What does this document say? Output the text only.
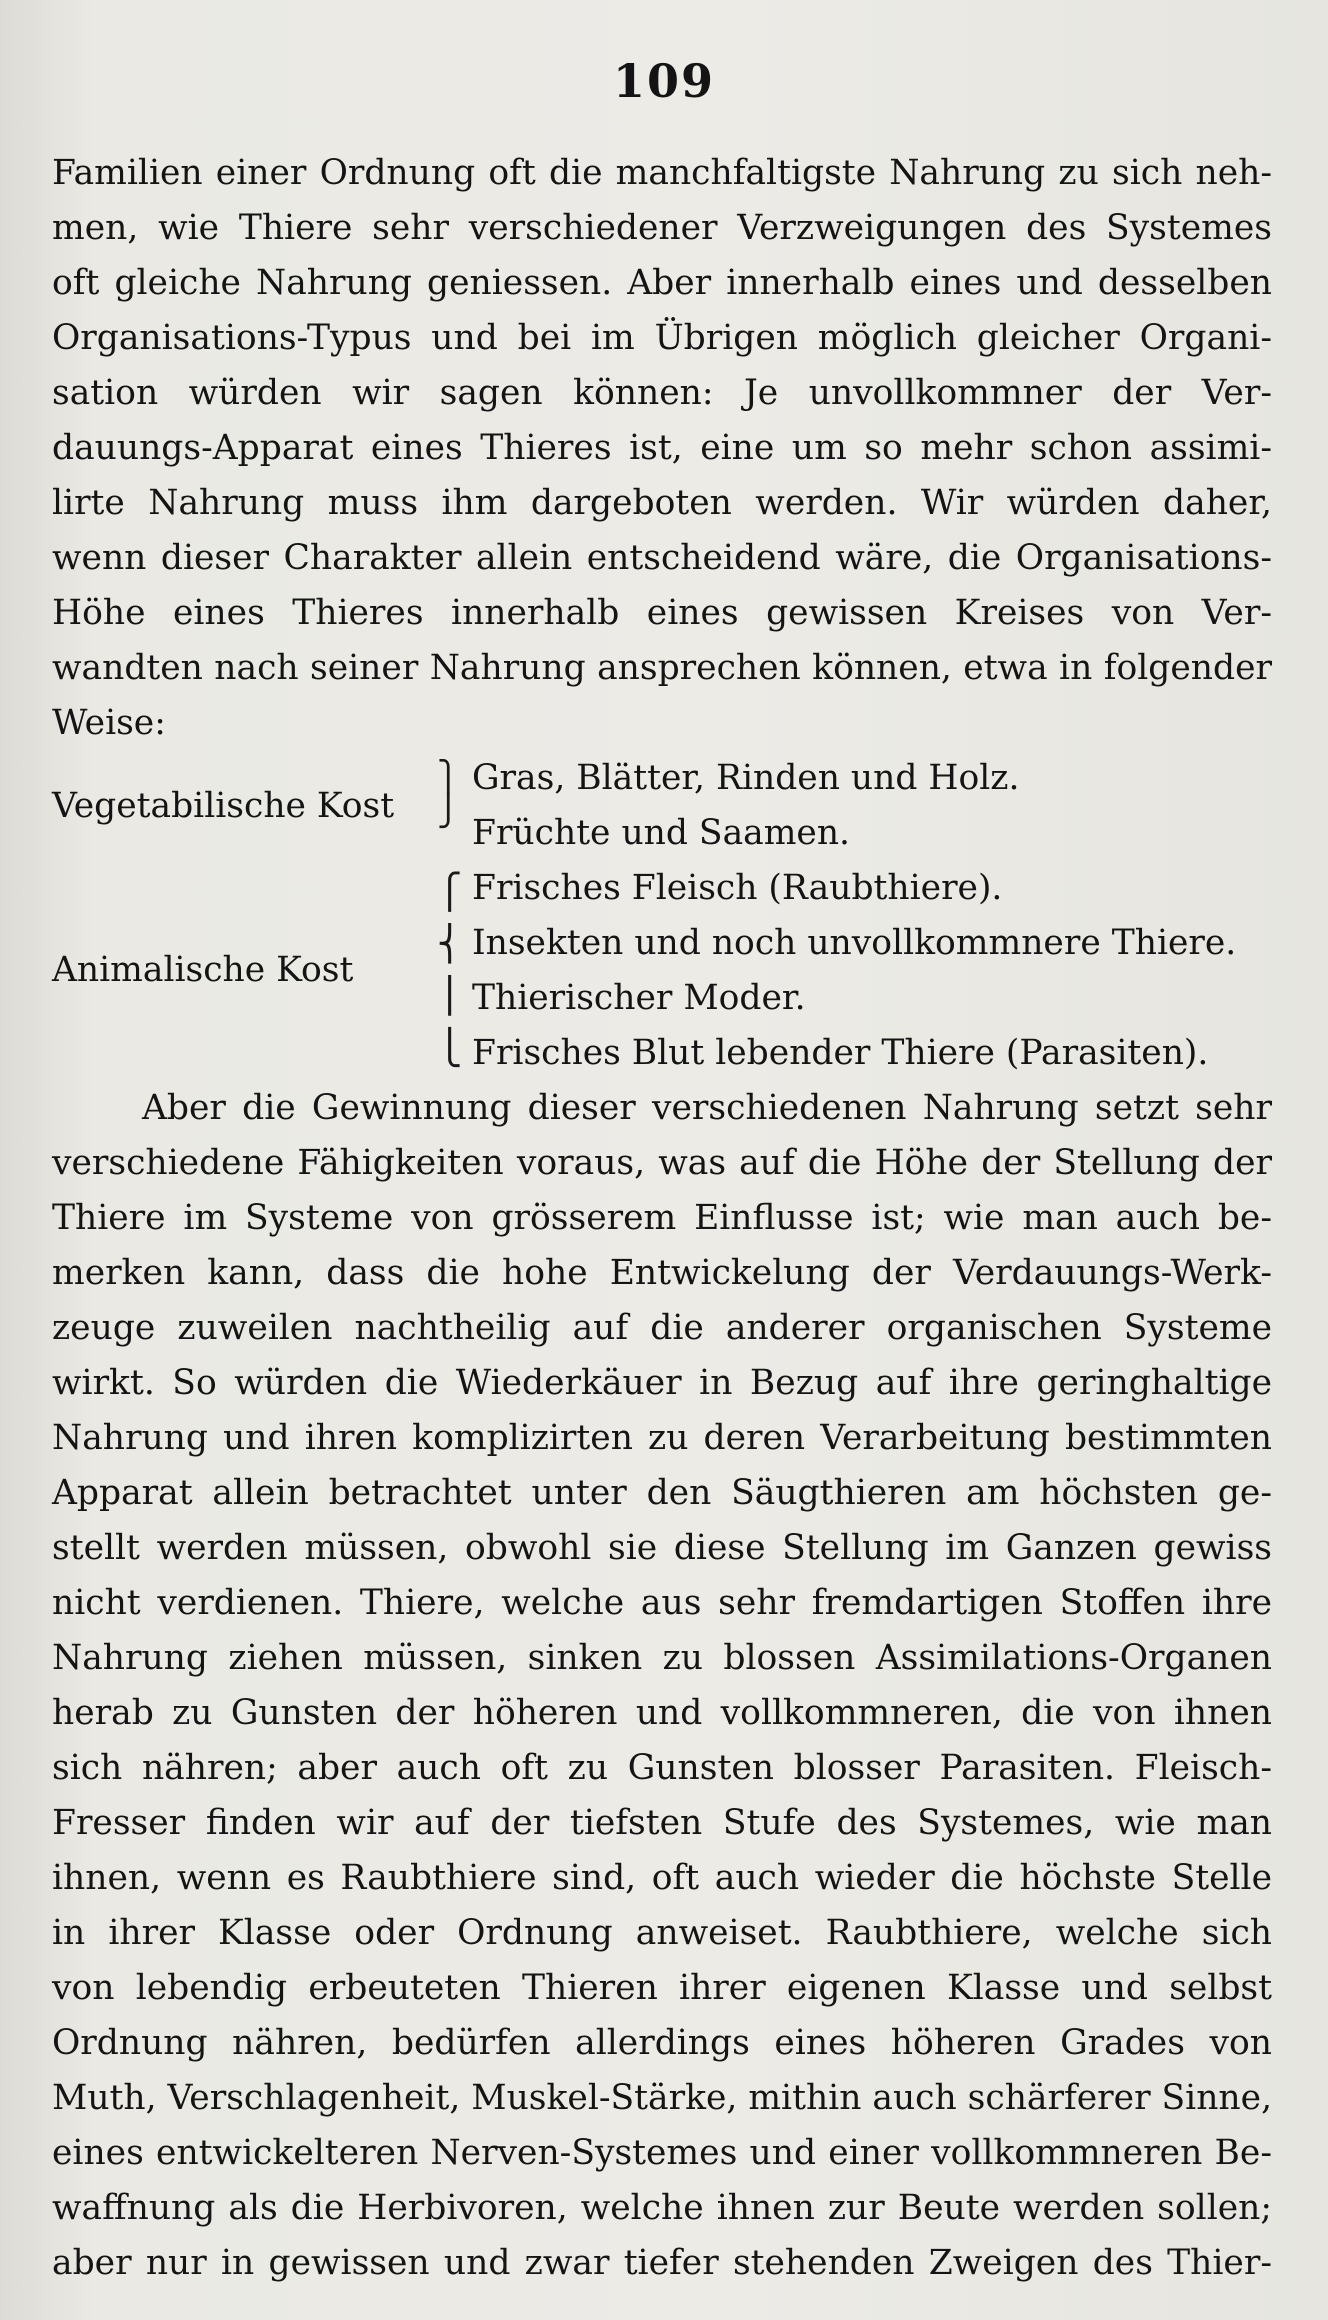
109
Familien einer Ordnung oft die manchfaltigste Nahrung zu sich neh-
men, wie Thiere sehr verschiedener Verzweigungen des Systemes
oft gleiche Nahrung geniessen. Aber innerhalb eines und desselben
Organisations-Typus und bei im Übrigen möglich gleicher Organi-
sation würden wir sagen können: Je unvollkommner der Ver-
dauungs-Apparat eines Thieres ist, eine um so mehr schon assimi-
lirte Nahrung muss ihm dargeboten werden. Wir würden daher,
wenn dieser Charakter allein entscheidend wäre, die Organisations-
Höhe eines Thieres innerhalb eines gewissen Kreises von Ver-
wandten nach seiner Nahrung ansprechen können, etwa in folgender
Weise:
Vegetabilische Kost
⎫
⎭
Gras, Blätter, Rinden und Holz.
Früchte und Saamen.
Animalische Kost
⎧
⎨
⎪
⎩
Frisches Fleisch (Raubthiere).
Insekten und noch unvollkommnere Thiere.
Thierischer Moder.
Frisches Blut lebender Thiere (Parasiten).
Aber die Gewinnung dieser verschiedenen Nahrung setzt sehr
verschiedene Fähigkeiten voraus, was auf die Höhe der Stellung der
Thiere im Systeme von grösserem Einflusse ist; wie man auch be-
merken kann, dass die hohe Entwickelung der Verdauungs-Werk-
zeuge zuweilen nachtheilig auf die anderer organischen Systeme
wirkt. So würden die Wiederkäuer in Bezug auf ihre geringhaltige
Nahrung und ihren komplizirten zu deren Verarbeitung bestimmten
Apparat allein betrachtet unter den Säugthieren am höchsten ge-
stellt werden müssen, obwohl sie diese Stellung im Ganzen gewiss
nicht verdienen. Thiere, welche aus sehr fremdartigen Stoffen ihre
Nahrung ziehen müssen, sinken zu blossen Assimilations-Organen
herab zu Gunsten der höheren und vollkommneren, die von ihnen
sich nähren; aber auch oft zu Gunsten blosser Parasiten. Fleisch-
Fresser finden wir auf der tiefsten Stufe des Systemes, wie man
ihnen, wenn es Raubthiere sind, oft auch wieder die höchste Stelle
in ihrer Klasse oder Ordnung anweiset. Raubthiere, welche sich
von lebendig erbeuteten Thieren ihrer eigenen Klasse und selbst
Ordnung nähren, bedürfen allerdings eines höheren Grades von
Muth, Verschlagenheit, Muskel-Stärke, mithin auch schärferer Sinne,
eines entwickelteren Nerven-Systemes und einer vollkommneren Be-
waffnung als die Herbivoren, welche ihnen zur Beute werden sollen;
aber nur in gewissen und zwar tiefer stehenden Zweigen des Thier-
